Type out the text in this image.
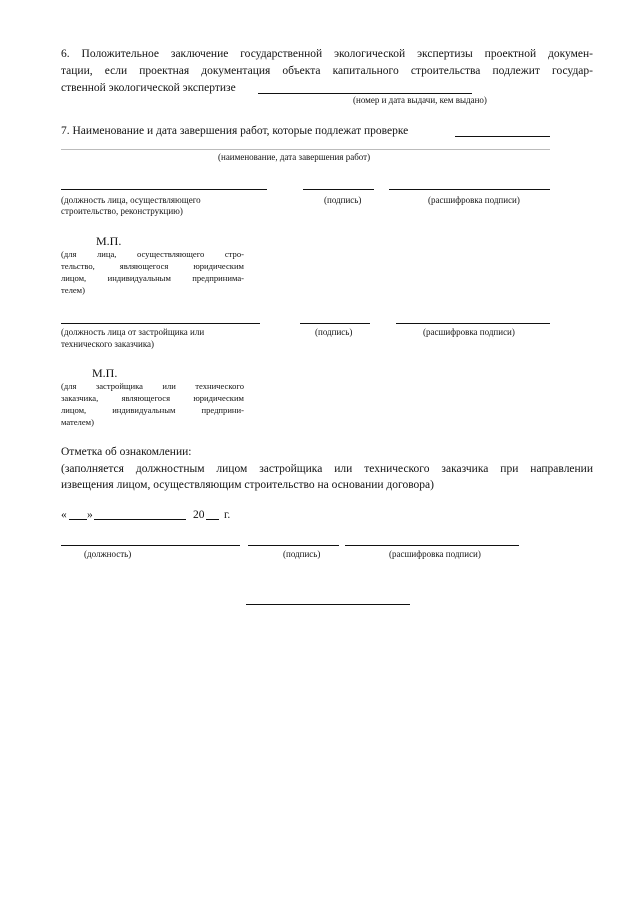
6. Положительное заключение государственной экологической экспертизы проектной докумен-
тации, если проектная документация объекта капитального строительства подлежит государ-
ственной экологической экспертизе
(номер и дата выдачи, кем выдано)
7. Наименование и дата завершения работ, которые подлежат проверке
(наименование, дата завершения работ)
(должность лица, осуществляющего
строительство, реконструкцию)
(подпись)	(расшифровка подписи)
М.П.
(для лица, осуществляющего стро-
тельство, являющегося юридическим
лицом, индивидуальным предпринима-
телем)
(должность лица от застройщика или
технического заказчика)
(подпись)	(расшифровка подписи)
М.П.
(для застройщика или технического
заказчика, являющегося юридическим
лицом, индивидуальным предприни-
мателем)
Отметка об ознакомлении:
(заполняется должностным лицом застройщика или технического заказчика при направлении
извещения лицом, осуществляющим строительство на основании договора)
« »	20 г.
(должность)	(подпись)	(расшифровка подписи)
